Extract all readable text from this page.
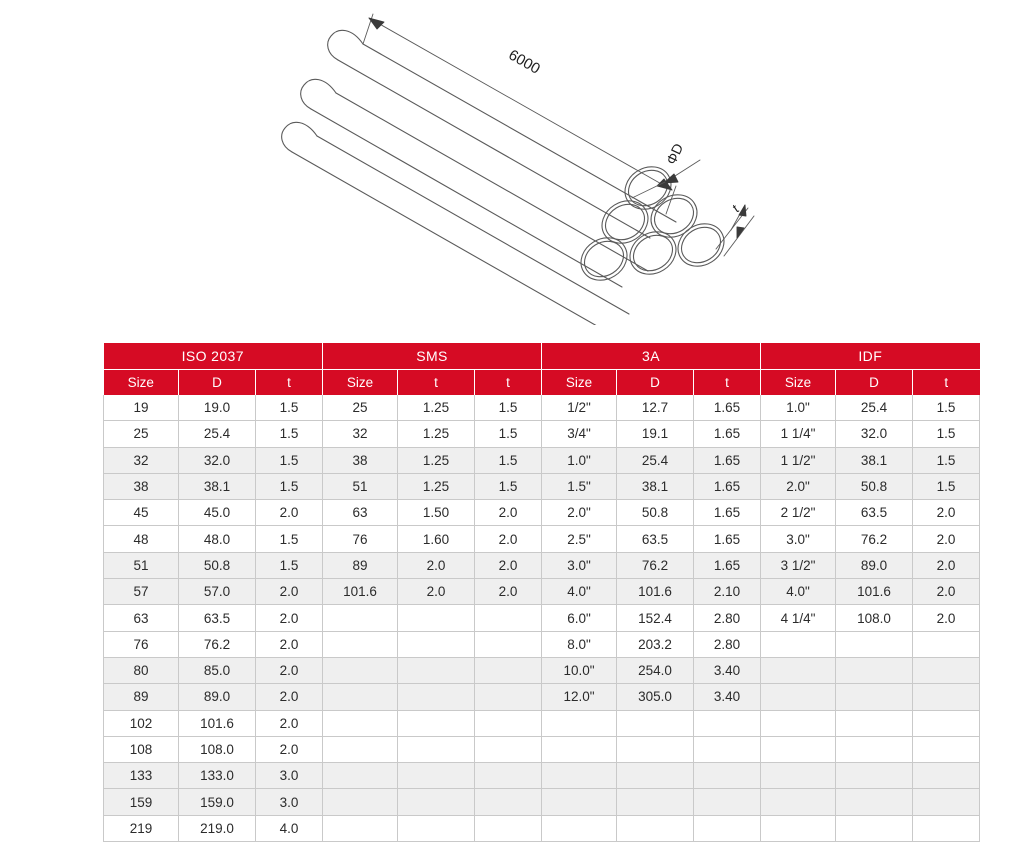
6000
ΦD
t
ISO 2037			SMS			3A			IDF		
Size	D	t	Size	t	t	Size	D	t	Size	D	t
19	19.0	1.5	25	1.25	1.5	1/2"	12.7	1.65	1.0"	25.4	1.5
25	25.4	1.5	32	1.25	1.5	3/4"	19.1	1.65	1 1/4"	32.0	1.5
32	32.0	1.5	38	1.25	1.5	1.0"	25.4	1.65	1 1/2"	38.1	1.5
38	38.1	1.5	51	1.25	1.5	1.5"	38.1	1.65	2.0"	50.8	1.5
45	45.0	2.0	63	1.50	2.0	2.0"	50.8	1.65	2 1/2"	63.5	2.0
48	48.0	1.5	76	1.60	2.0	2.5"	63.5	1.65	3.0"	76.2	2.0
51	50.8	1.5	89	2.0	2.0	3.0"	76.2	1.65	3 1/2"	89.0	2.0
57	57.0	2.0	101.6	2.0	2.0	4.0"	101.6	2.10	4.0"	101.6	2.0
63	63.5	2.0				6.0"	152.4	2.80	4 1/4"	108.0	2.0
76	76.2	2.0				8.0"	203.2	2.80			
80	85.0	2.0				10.0"	254.0	3.40			
89	89.0	2.0				12.0"	305.0	3.40			
102	101.6	2.0									
108	108.0	2.0									
133	133.0	3.0									
159	159.0	3.0									
219	219.0	4.0									
